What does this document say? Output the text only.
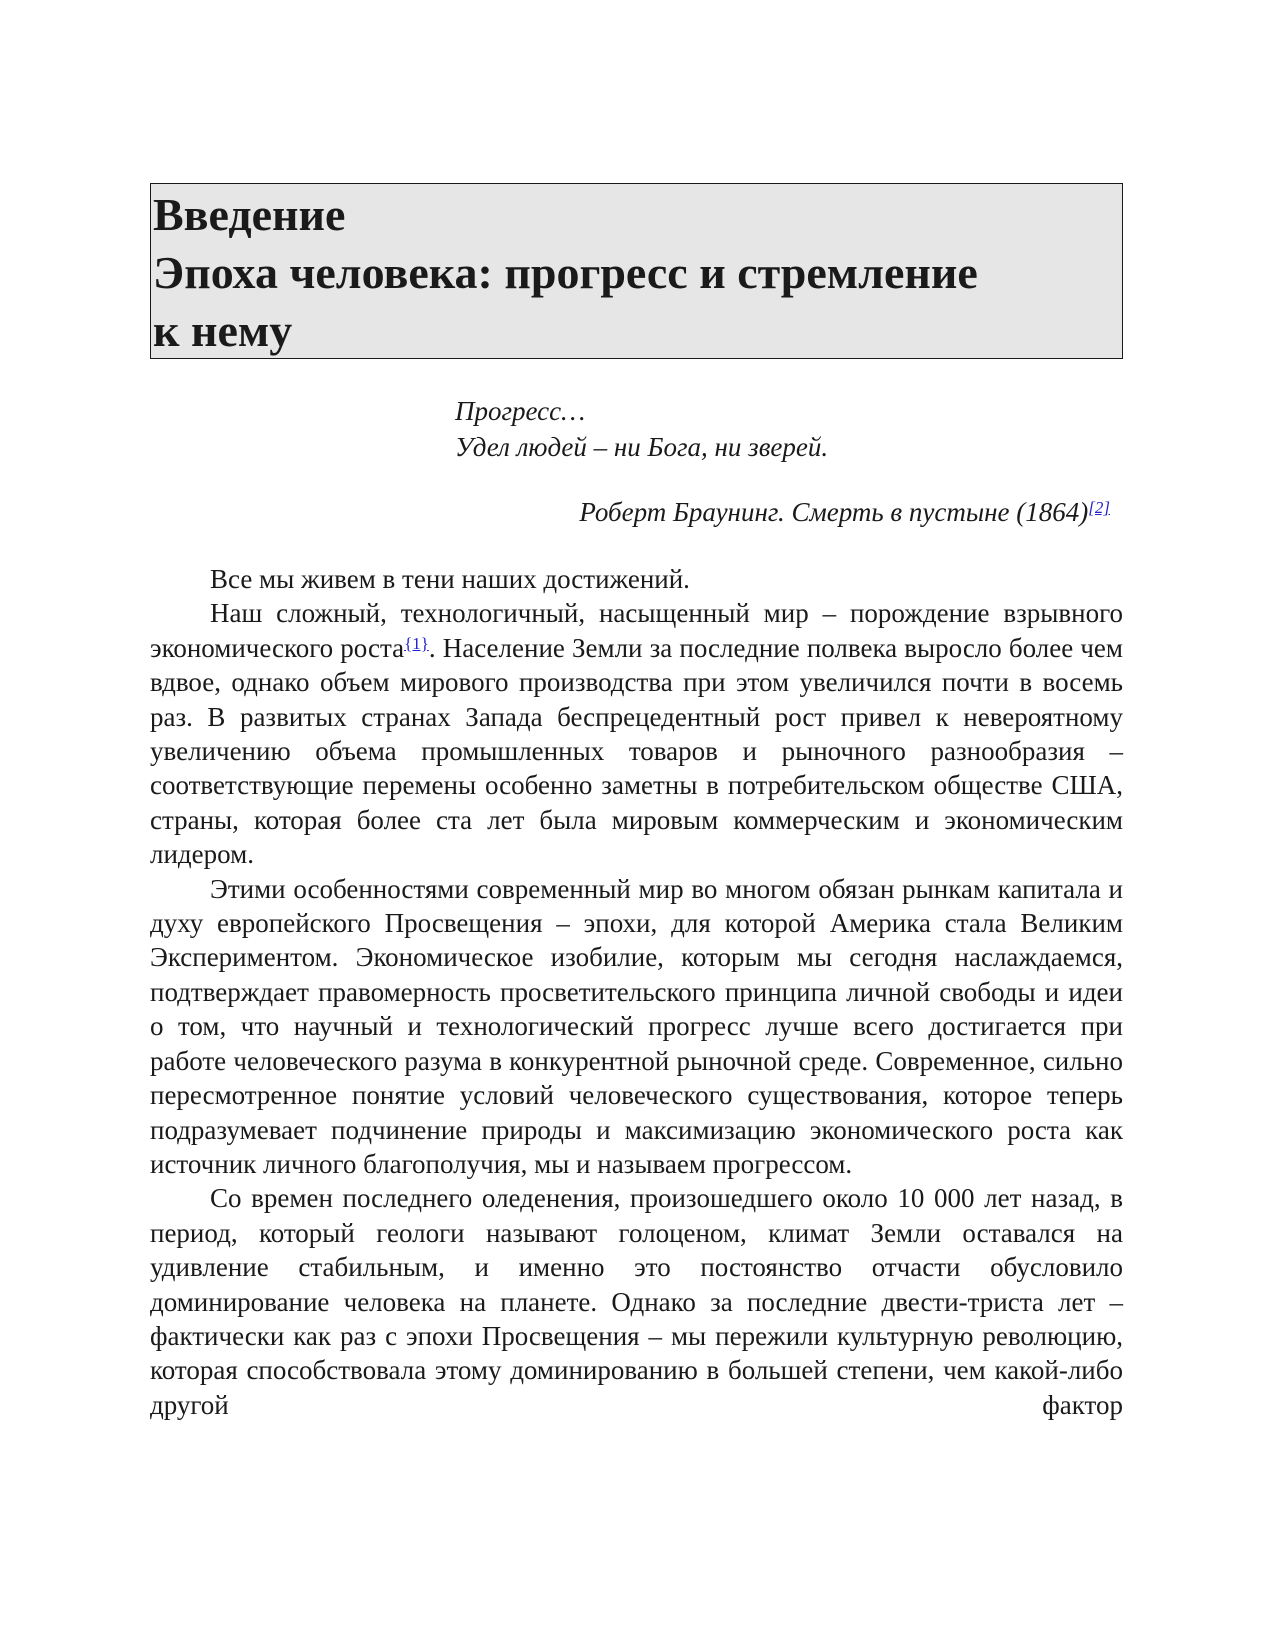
Введение
Эпоха человека: прогресс и стремление
к нему
Прогресс…
Удел людей – ни Бога, ни зверей.
Роберт Браунинг. Смерть в пустыне (1864)[2]

Все мы живем в тени наших достижений.

Наш сложный, технологичный, насыщенный мир – порождение взрывного экономического роста$^{\{1\}}$. Население Земли за последние полвека выросло более чем вдвое, однако объем мирового производства при этом увеличился почти в восемь раз. В развитых странах Запада беспрецедентный рост привел к невероятному увеличению объема промышленных товаров и рыночного разнообразия – соответствующие перемены особенно заметны в потребительском обществе США, страны, которая более ста лет была мировым коммерческим и экономическим лидером.

Этими особенностями современный мир во многом обязан рынкам капитала и духу европейского Просвещения – эпохи, для которой Америка стала Великим Экспериментом. Экономическое изобилие, которым мы сегодня наслаждаемся, подтверждает правомерность просветительского принципа личной свободы и идеи о том, что научный и технологический прогресс лучше всего достигается при работе человеческого разума в конкурентной рыночной среде. Современное, сильно пересмотренное понятие условий человеческого существования, которое теперь подразумевает подчинение природы и максимизацию экономического роста как источник личного благополучия, мы и называем прогрессом.

Со времен последнего оледенения, произошедшего около 10 000 лет назад, в период, который геологи называют голоценом, климат Земли оставался на удивление стабильным, и именно это постоянство отчасти обусловило доминирование человека на планете. Однако за последние двести-триста лет – фактически как раз с эпохи Просвещения – мы пережили культурную революцию, которая способствовала этому доминированию в большей степени, чем какой-либо другой фактор
